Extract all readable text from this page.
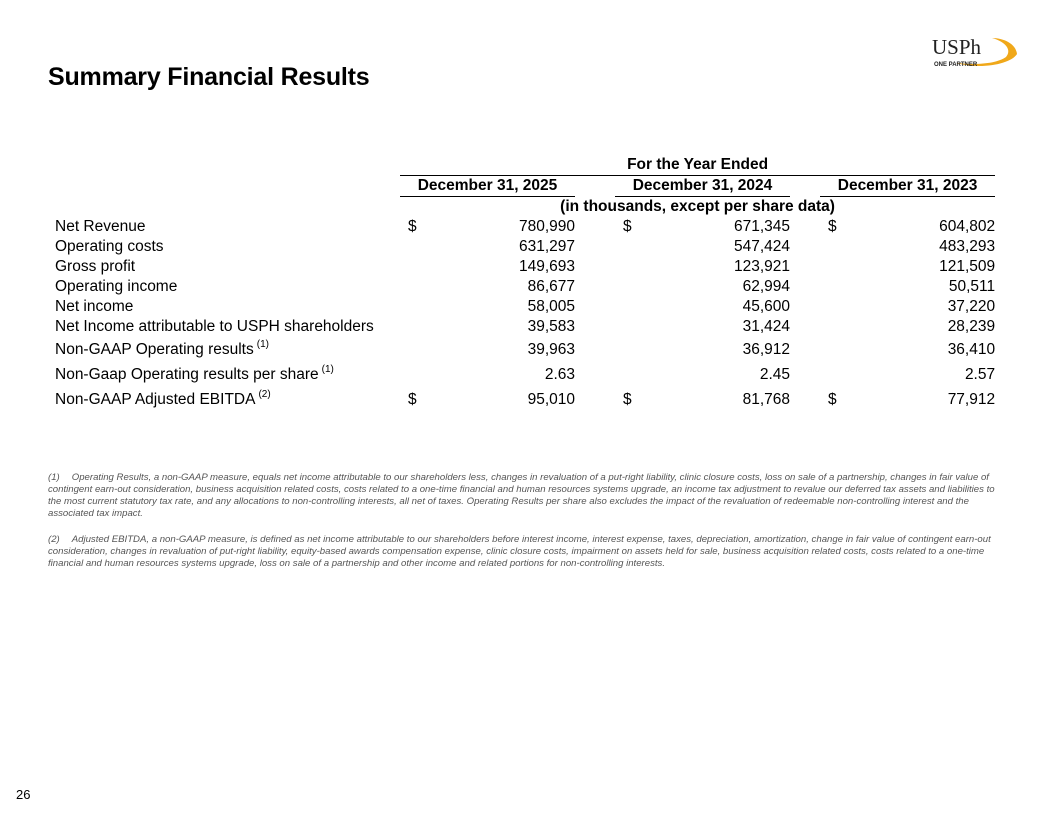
Summary Financial Results
USPh
ONE PARTNER
	For the Year Ended							
	December 31, 2025			December 31, 2024			December 31, 2023	
	(in thousands, except per share data)							
Net Revenue	$	780,990		$	671,345		$	604,802
Operating costs		631,297			547,424			483,293
Gross profit		149,693			123,921			121,509
Operating income		86,677			62,994			50,511
Net income		58,005			45,600			37,220
Net Income attributable to USPH shareholders		39,583			31,424			28,239
Non-GAAP Operating results $^{(1)}$		39,963			36,912			36,410
Non-Gaap Operating results per share $^{(1)}$		2.63			2.45			2.57
Non-GAAP Adjusted EBITDA $^{(2)}$	$	95,010		$	81,768		$	77,912

(1) Operating Results, a non-GAAP measure, equals net income attributable to our shareholders less, changes in revaluation of a put-right liability, clinic closure costs, loss on sale of a partnership, changes in fair value of contingent earn-out consideration, business acquisition related costs, costs related to a one-time financial and human resources systems upgrade, an income tax adjustment to revalue our deferred tax assets and liabilities to the most current statutory tax rate, and any allocations to non-controlling interests, all net of taxes. Operating Results per share also excludes the impact of the revaluation of redeemable non-controlling interest and the associated tax impact.

(2) Adjusted EBITDA, a non-GAAP measure, is defined as net income attributable to our shareholders before interest income, interest expense, taxes, depreciation, amortization, change in fair value of contingent earn-out consideration, changes in revaluation of put-right liability, equity-based awards compensation expense, clinic closure costs, impairment on assets held for sale, business acquisition related costs, costs related to a one-time financial and human resources systems upgrade, loss on sale of a partnership and other income and related portions for non-controlling interests.

26
